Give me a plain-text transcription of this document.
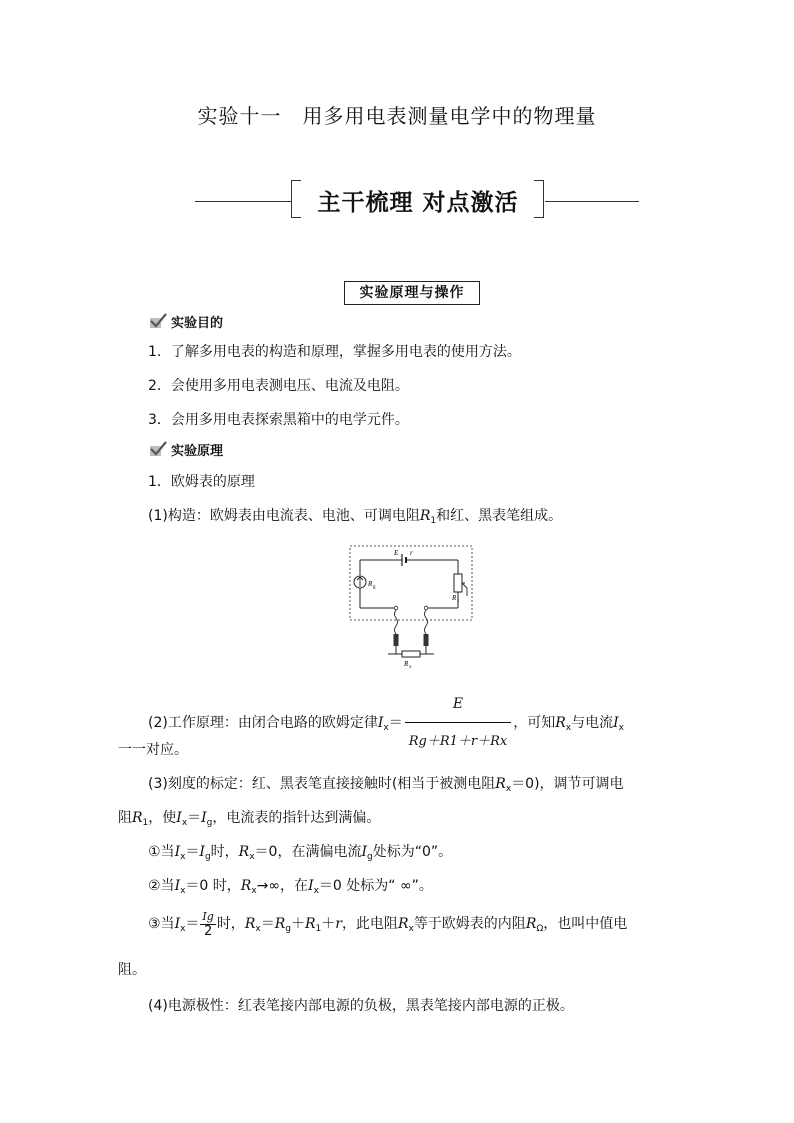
实验十一　用多用电表测量电学中的物理量
主干梳理 对点激活
实验原理与操作
实验目的
1．了解多用电表的构造和原理，掌握多用电表的使用方法。
2．会使用多用电表测电压、电流及电阻。
3．会用多用电表探索黑箱中的电学元件。
实验原理
1．欧姆表的原理
(1)构造：欧姆表由电流表、电池、可调电阻$R_1$和红、黑表笔组成。
E r
R g
R 1
R x
(2)工作原理：由闭合电路的欧姆定律$I_x= \frac{E}{Rg+R1+r+Rx}$ ，可知$R_x$与电流$I_x$
一一对应。
(3)刻度的标定：红、黑表笔直接接触时(相当于被测电阻$R_x=0$)，调节可调电
阻$R_1$，使$I_x=I_g$，电流表的指针达到满偏。
①当$I_x=I_g$时，$R_x=0$，在满偏电流$I_g$处标为“0”。
②当$I_x=0$ 时，$R_x\to\infty$，在$I_x=0$ 处标为“ ∞”。
③当$I_x= \frac{Ig}{2}$ 时，$R_x=R_g+R_1+r$，此电阻$R_x$等于欧姆表的内阻$R_\Omega$，也叫中值电
阻。
(4)电源极性：红表笔接内部电源的负极，黑表笔接内部电源的正极。
